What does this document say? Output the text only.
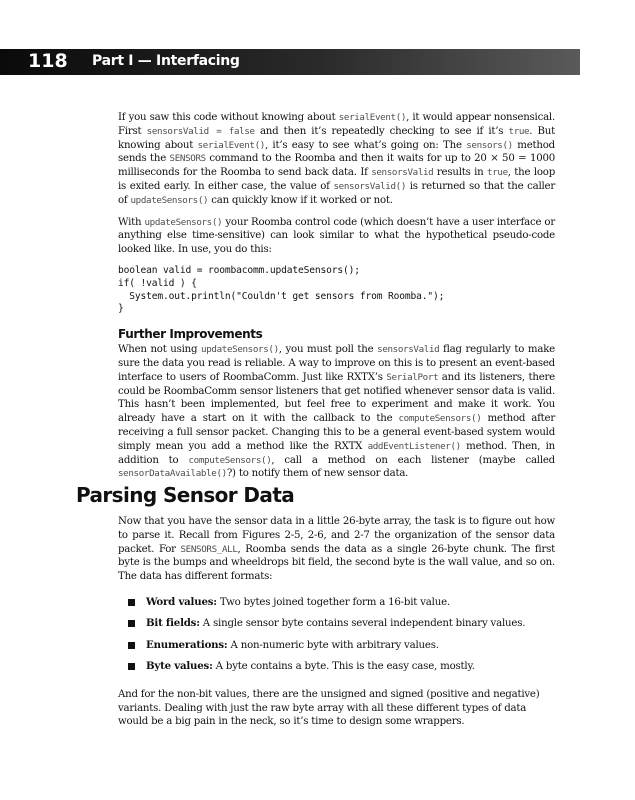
118 Part I — Interfacing

If you saw this code without knowing about serialEvent(), it would appear nonsensical. First sensorsValid = false and then it’s repeatedly checking to see if it’s true. But knowing about serialEvent(), it’s easy to see what’s going on: The sensors() method sends the SENSORS command to the Roomba and then it waits for up to 20 × 50 = 1000 milliseconds for the Roomba to send back data. If sensorsValid results in true, the loop is exited early. In either case, the value of sensorsValid() is returned so that the caller of updateSensors() can quickly know if it worked or not.

With updateSensors() your Roomba control code (which doesn’t have a user interface or anything else time-sensitive) can look similar to what the hypothetical pseudo-code looked like. In use, you do this:

boolean valid = roombacomm.updateSensors();
if( !valid ) {
System.out.println("Couldn't get sensors from Roomba.");
}
Further Improvements

When not using updateSensors(), you must poll the sensorsValid flag regularly to make sure the data you read is reliable. A way to improve on this is to present an event-based interface to users of RoombaComm. Just like RXTX’s SerialPort and its listeners, there could be RoombaComm sensor listeners that get notified whenever sensor data is valid. This hasn’t been implemented, but feel free to experiment and make it work. You already have a start on it with the callback to the computeSensors() method after receiving a full sensor packet. Changing this to be a general event-based system would simply mean you add a method like the RXTX addEventListener() method. Then, in addition to computeSensors(), call a method on each listener (maybe called sensorDataAvailable()?) to notify them of new sensor data.

Parsing Sensor Data

Now that you have the sensor data in a little 26-byte array, the task is to figure out how to parse it. Recall from Figures 2-5, 2-6, and 2-7 the organization of the sensor data packet. For SENSORS_ALL, Roomba sends the data as a single 26-byte chunk. The first byte is the bumps and wheeldrops bit field, the second byte is the wall value, and so on. The data has different formats:

Word values: Two bytes joined together form a 16-bit value.
Bit fields: A single sensor byte contains several independent binary values.
Enumerations: A non-numeric byte with arbitrary values.
Byte values: A byte contains a byte. This is the easy case, mostly.

And for the non-bit values, there are the unsigned and signed (positive and negative) variants. Dealing with just the raw byte array with all these different types of data would be a big pain in the neck, so it’s time to design some wrappers.
